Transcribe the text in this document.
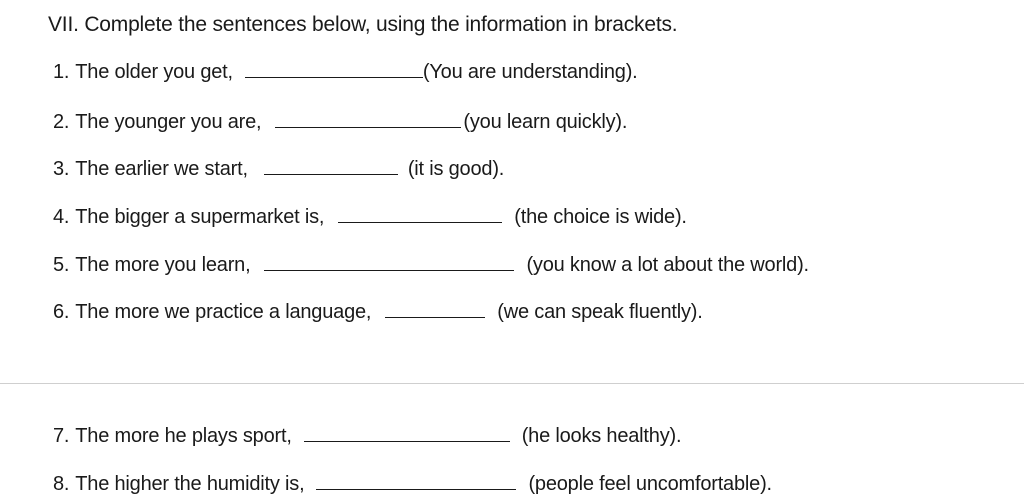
VII. Complete the sentences below, using the information in brackets.
1. The older you get,	(You are understanding).
2. The younger you are,	(you learn quickly).
3. The earlier we start,	(it is good).
4. The bigger a supermarket is,	(the choice is wide).
5. The more you learn,	(you know a lot about the world).
6. The more we practice a language,	(we can speak fluently).
7. The more he plays sport,	(he looks healthy).
8. The higher the humidity is,	(people feel uncomfortable).
